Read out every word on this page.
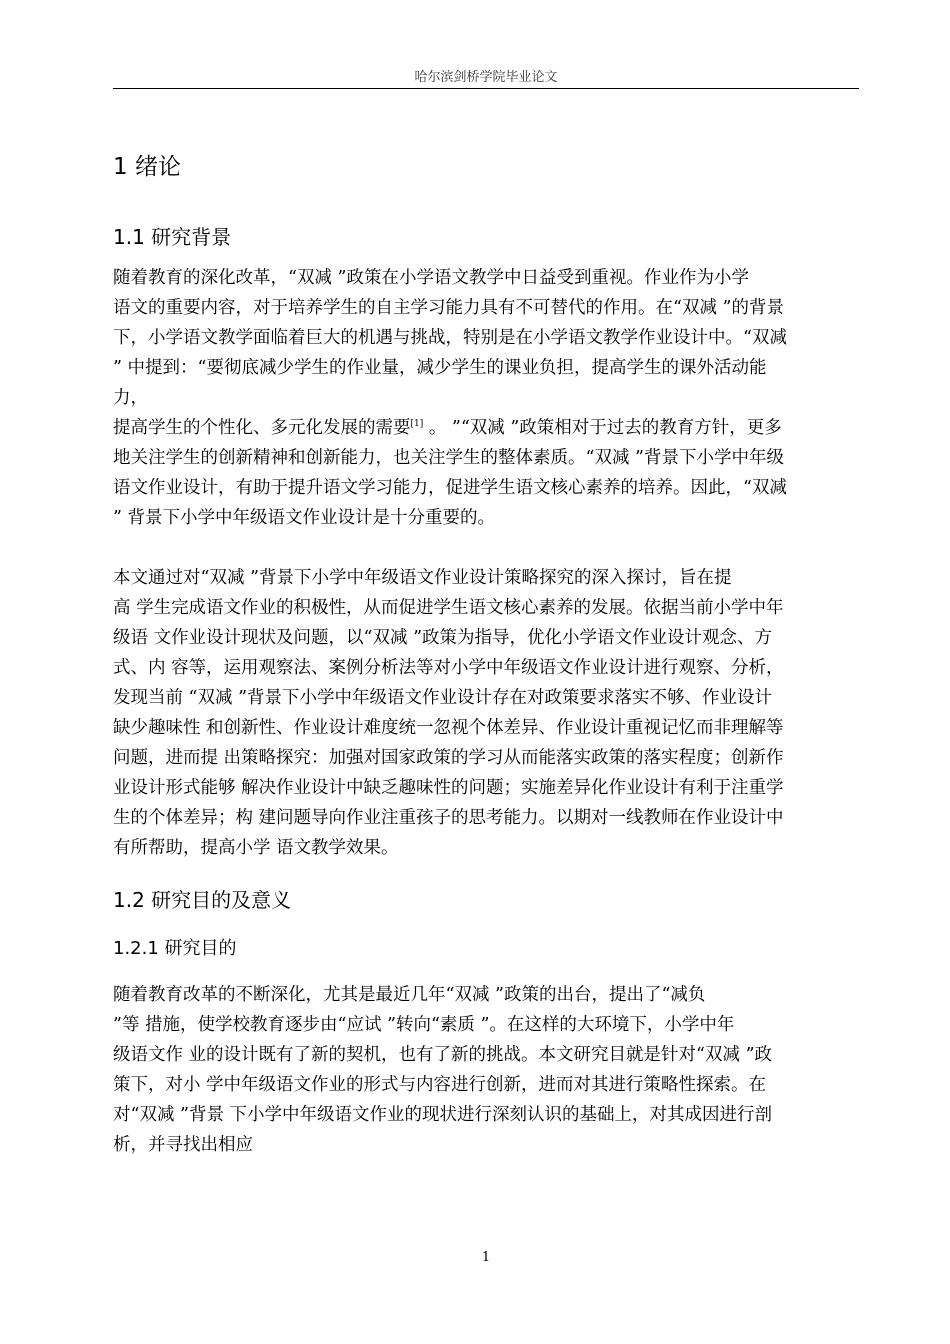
哈尔滨剑桥学院毕业论文
1 绪论
1.1 研究背景
随着教育的深化改革，“双减 ”政策在小学语文教学中日益受到重视。作业作为小学
语文的重要内容，对于培养学生的自主学习能力具有不可替代的作用。在“双减 ”的背景
下，小学语文教学面临着巨大的机遇与挑战，特别是在小学语文教学作业设计中。“双减
” 中提到：“要彻底减少学生的作业量，减少学生的课业负担，提高学生的课外活动能
力，
提高学生的个性化、多元化发展的需要[1] 。 ”“双减 ”政策相对于过去的教育方针，更多
地关注学生的创新精神和创新能力，也关注学生的整体素质。“双减 ”背景下小学中年级
语文作业设计，有助于提升语文学习能力，促进学生语文核心素养的培养。因此，“双减
” 背景下小学中年级语文作业设计是十分重要的。
本文通过对“双减 ”背景下小学中年级语文作业设计策略探究的深入探讨，旨在提
高 学生完成语文作业的积极性，从而促进学生语文核心素养的发展。依据当前小学中年
级语 文作业设计现状及问题，以“双减 ”政策为指导，优化小学语文作业设计观念、方
式、内 容等，运用观察法、案例分析法等对小学中年级语文作业设计进行观察、分析，
发现当前 “双减 ”背景下小学中年级语文作业设计存在对政策要求落实不够、作业设计
缺少趣味性 和创新性、作业设计难度统一忽视个体差异、作业设计重视记忆而非理解等
问题，进而提 出策略探究：加强对国家政策的学习从而能落实政策的落实程度；创新作
业设计形式能够 解决作业设计中缺乏趣味性的问题；实施差异化作业设计有利于注重学
生的个体差异；构 建问题导向作业注重孩子的思考能力。以期对一线教师在作业设计中
有所帮助，提高小学 语文教学效果。
1.2 研究目的及意义
1.2.1 研究目的
随着教育改革的不断深化，尤其是最近几年“双减 ”政策的出台，提出了“减负
”等 措施，使学校教育逐步由“应试 ”转向“素质 ”。在这样的大环境下，小学中年
级语文作 业的设计既有了新的契机，也有了新的挑战。本文研究目就是针对“双减 ”政
策下，对小 学中年级语文作业的形式与内容进行创新，进而对其进行策略性探索。在
对“双减 ”背景 下小学中年级语文作业的现状进行深刻认识的基础上，对其成因进行剖
析，并寻找出相应
1
